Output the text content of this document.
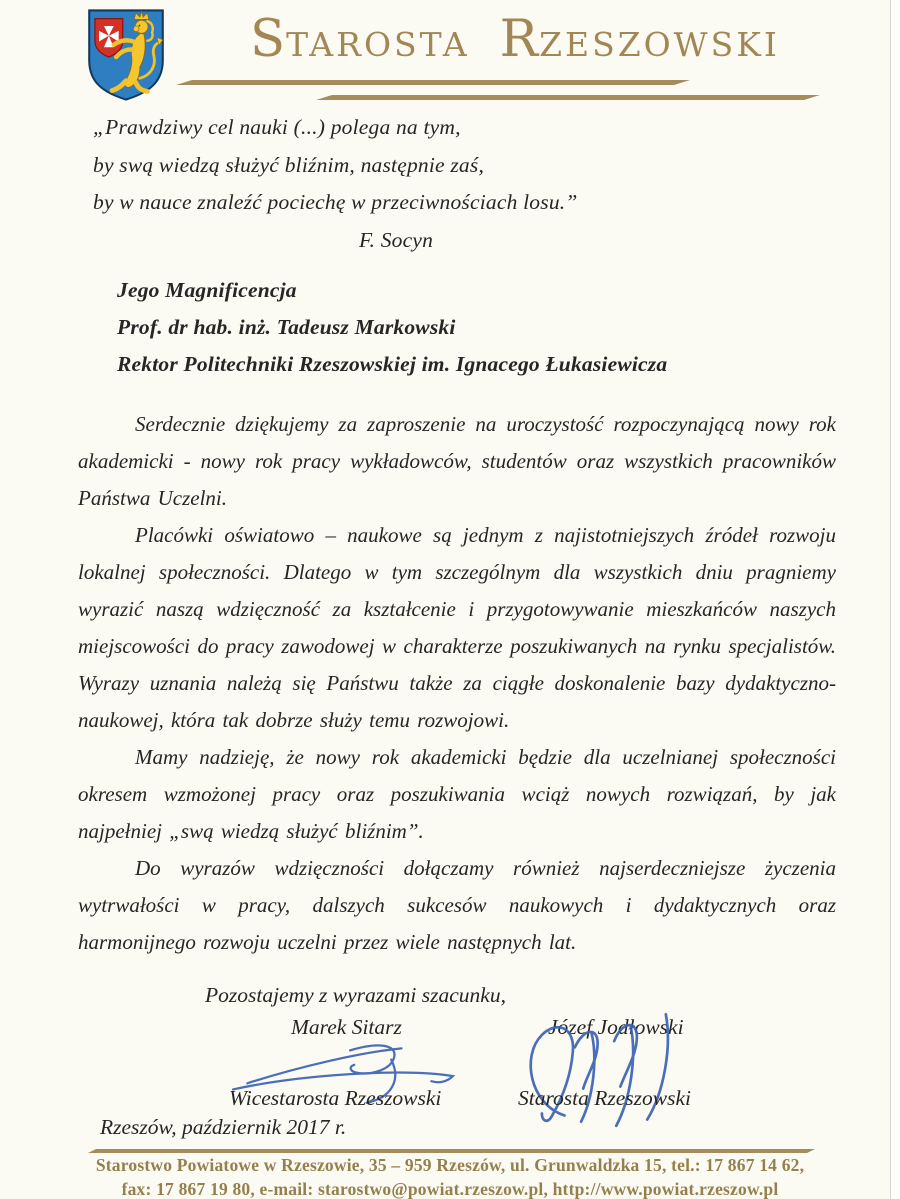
STAROSTA RZESZOWSKI
„Prawdziwy cel nauki (...) polega na tym,
by swą wiedzą służyć bliźnim, następnie zaś,
by w nauce znaleźć pociechę w przeciwnościach losu.”
F. Socyn
Jego Magnificencja
Prof. dr hab. inż. Tadeusz Markowski
Rektor Politechniki Rzeszowskiej im. Ignacego Łukasiewicza

Serdecznie dziękujemy za zaproszenie na uroczystość rozpoczynającą nowy rok akademicki - nowy rok pracy wykładowców, studentów oraz wszystkich pracowników Państwa Uczelni.

Placówki oświatowo – naukowe są jednym z najistotniejszych źródeł rozwoju lokalnej społeczności. Dlatego w tym szczególnym dla wszystkich dniu pragniemy wyrazić naszą wdzięczność za kształcenie i przygotowywanie mieszkańców naszych miejscowości do pracy zawodowej w charakterze poszukiwanych na rynku specjalistów. Wyrazy uznania należą się Państwu także za ciągłe doskonalenie bazy dydaktyczno-naukowej, która tak dobrze służy temu rozwojowi.

Mamy nadzieję, że nowy rok akademicki będzie dla uczelnianej społeczności okresem wzmożonej pracy oraz poszukiwania wciąż nowych rozwiązań, by jak najpełniej „swą wiedzą służyć bliźnim”.

Do wyrazów wdzięczności dołączamy również najserdeczniejsze życzenia wytrwałości w pracy, dalszych sukcesów naukowych i dydaktycznych oraz harmonijnego rozwoju uczelni przez wiele następnych lat.

Pozostajemy z wyrazami szacunku,
Marek Sitarz	Józef Jodłowski
Wicestarosta Rzeszowski	Starosta Rzeszowski
Rzeszów, październik 2017 r.
Starostwo Powiatowe w Rzeszowie, 35 – 959 Rzeszów, ul. Grunwaldzka 15, tel.: 17 867 14 62,
fax: 17 867 19 80, e-mail: starostwo@powiat.rzeszow.pl, http://www.powiat.rzeszow.pl
